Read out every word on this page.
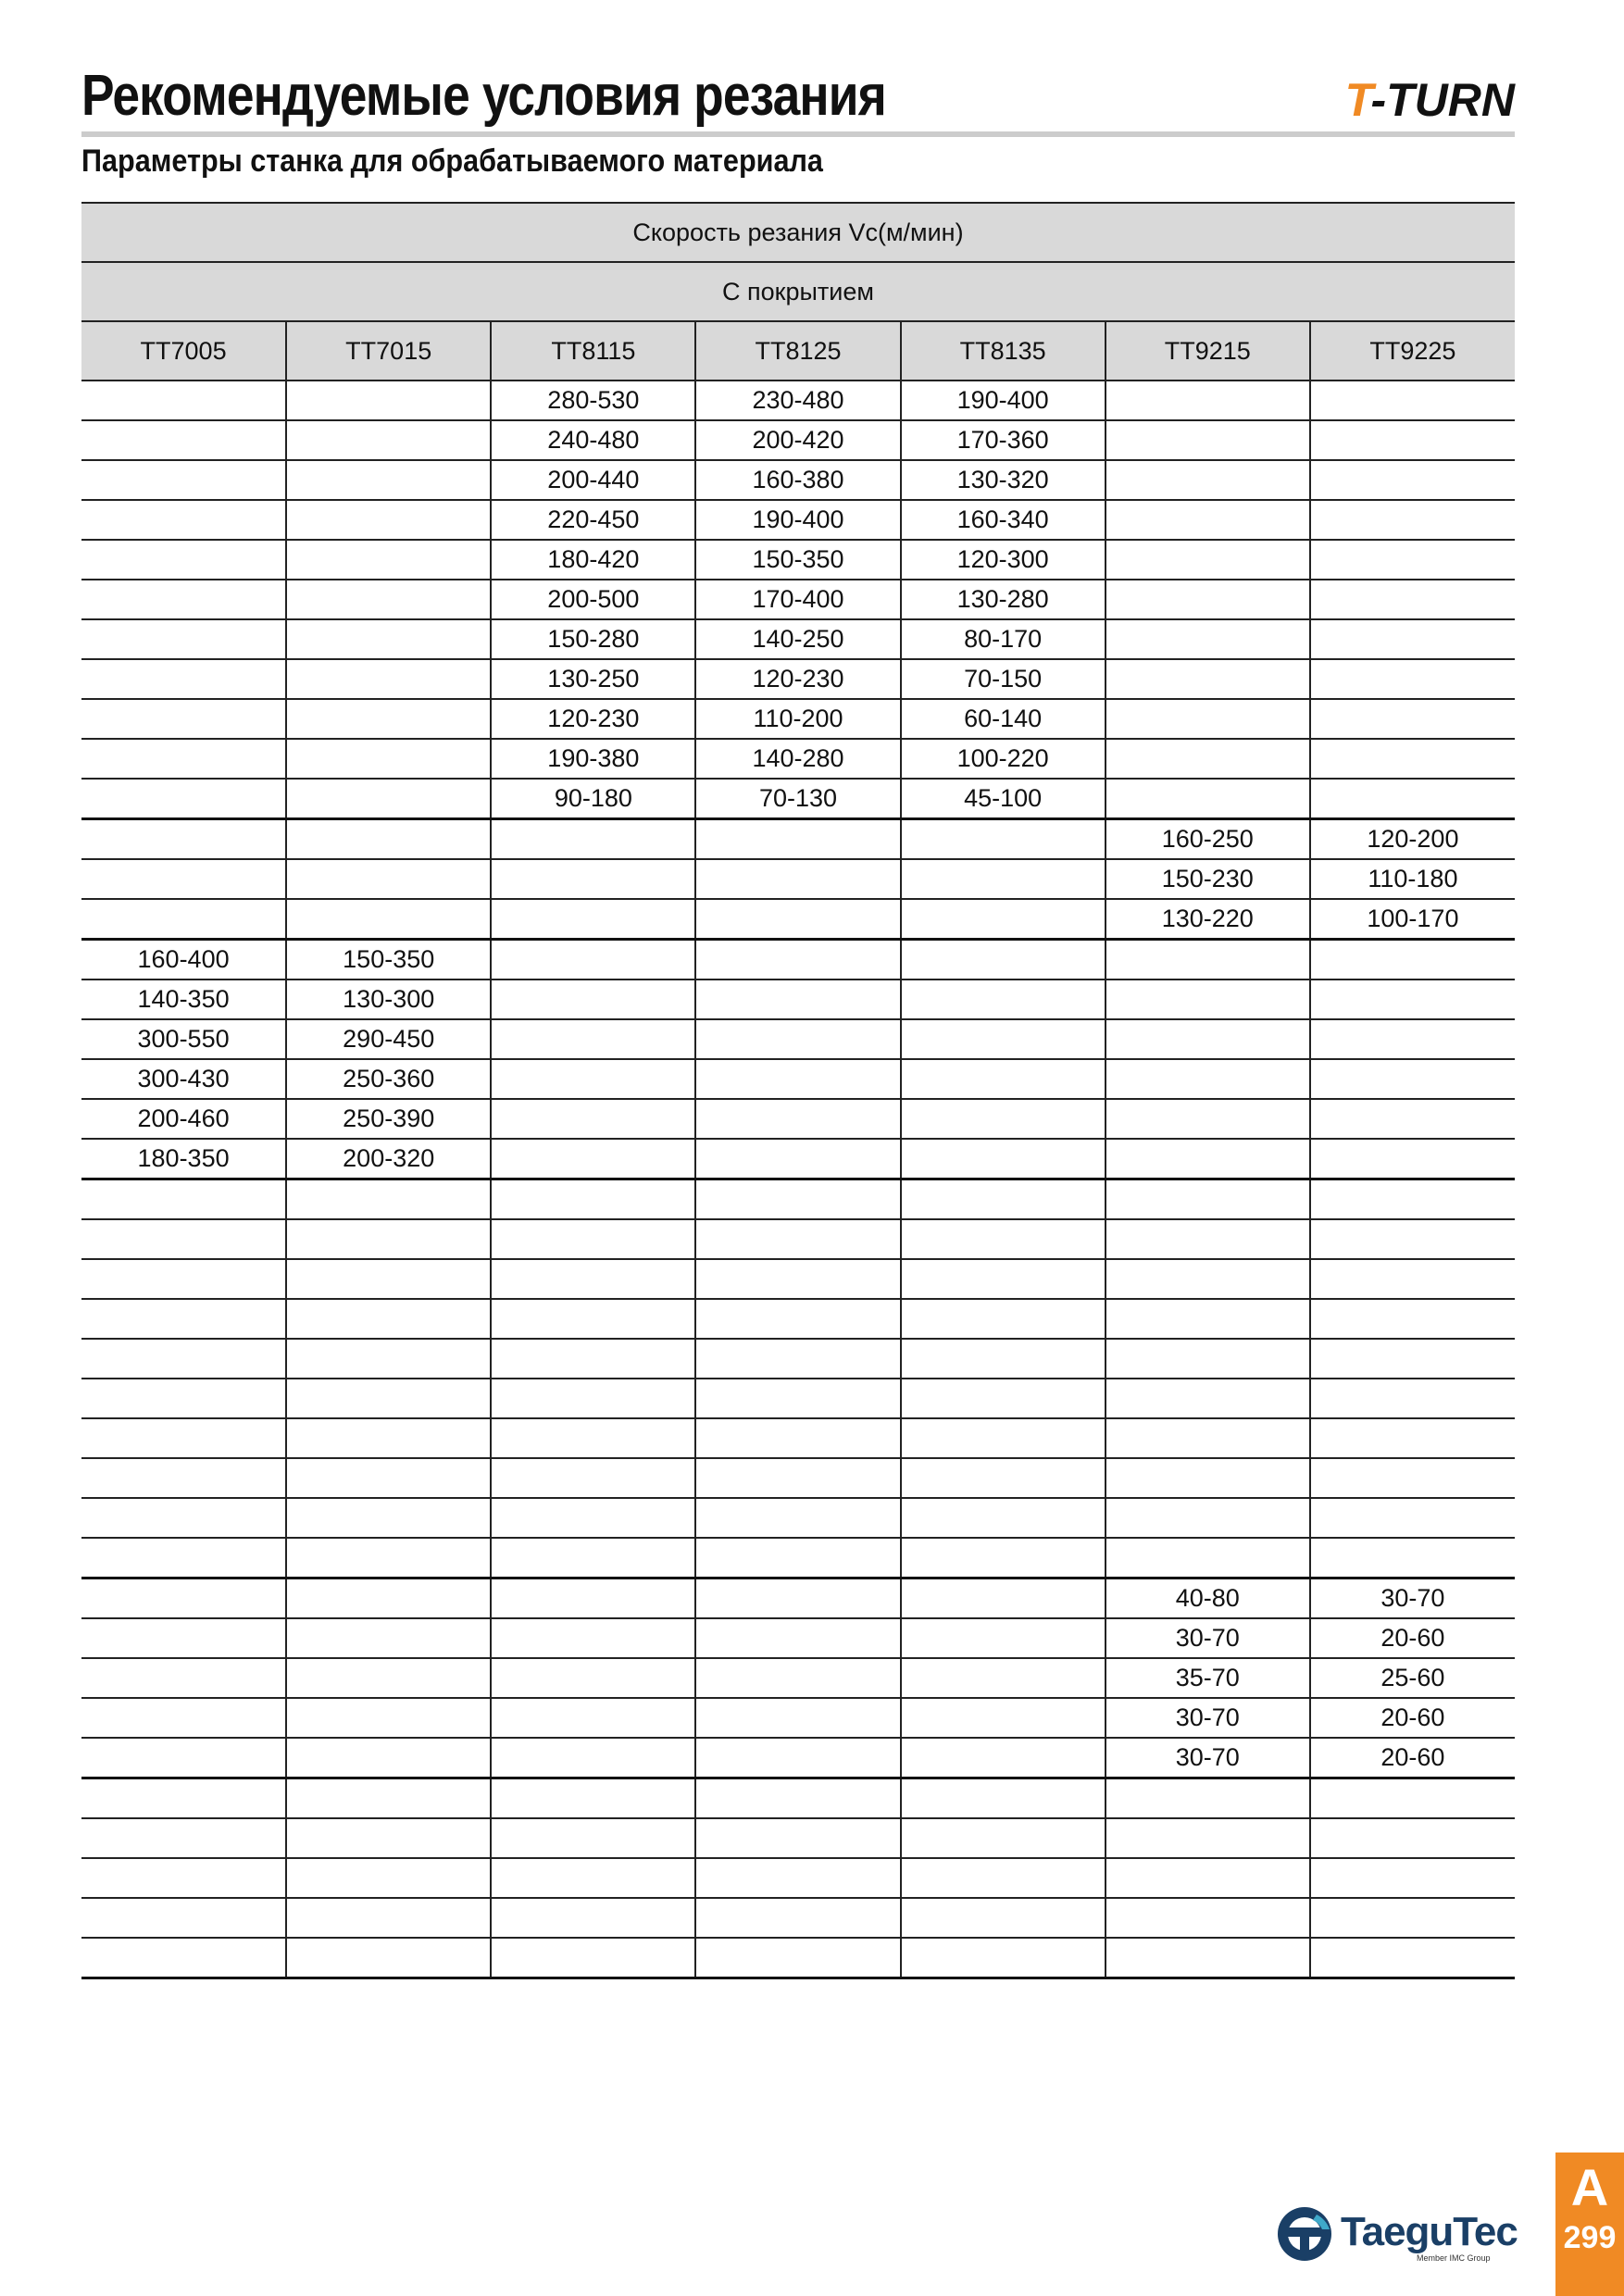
Рекомендуемые условия резания	T-TURN
Параметры станка для обрабатываемого материала
Скорость резания Vc(м/мин)						
С покрытием						
TT7005	TT7015	TT8115	TT8125	TT8135	TT9215	TT9225
		280-530	230-480	190-400		
		240-480	200-420	170-360		
		200-440	160-380	130-320		
		220-450	190-400	160-340		
		180-420	150-350	120-300		
		200-500	170-400	130-280		
		150-280	140-250	80-170		
		130-250	120-230	70-150		
		120-230	110-200	60-140		
		190-380	140-280	100-220		
		90-180	70-130	45-100		
					160-250	120-200
					150-230	110-180
					130-220	100-170
160-400	150-350					
140-350	130-300					
300-550	290-450					
300-430	250-360					
200-460	250-390					
180-350	200-320					

					40-80	30-70
					30-70	20-60
					35-70	25-60
					30-70	20-60
					30-70	20-60

TaeguTec
Member IMC Group
A
299
